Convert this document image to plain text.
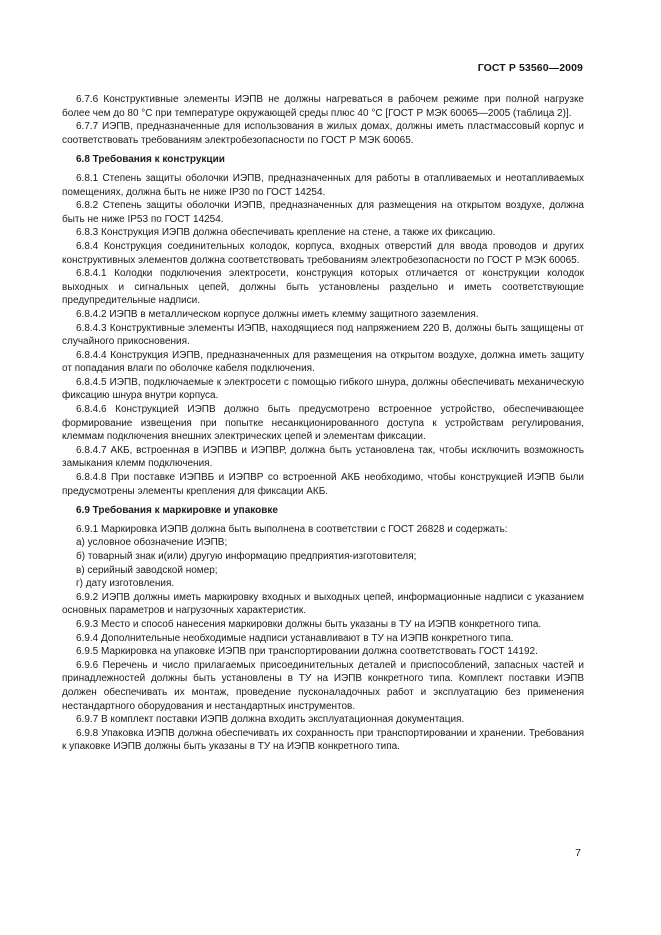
ГОСТ Р 53560—2009

6.7.6 Конструктивные элементы ИЭПВ не должны нагреваться в рабочем режиме при полной нагрузке более чем до 80 °С при температуре окружающей среды плюс 40 °С [ГОСТ Р МЭК 60065—2005 (таблица 2)].

6.7.7 ИЭПВ, предназначенные для использования в жилых домах, должны иметь пластмассовый корпус и соответствовать требованиям электробезопасности по ГОСТ Р МЭК 60065.

6.8 Требования к конструкции

6.8.1 Степень защиты оболочки ИЭПВ, предназначенных для работы в отапливаемых и неотапливаемых помещениях, должна быть не ниже IP30 по ГОСТ 14254.

6.8.2 Степень защиты оболочки ИЭПВ, предназначенных для размещения на открытом воздухе, должна быть не ниже IP53 по ГОСТ 14254.

6.8.3 Конструкция ИЭПВ должна обеспечивать крепление на стене, а также их фиксацию.

6.8.4 Конструкция соединительных колодок, корпуса, входных отверстий для ввода проводов и других конструктивных элементов должна соответствовать требованиям электробезопасности по ГОСТ Р МЭК 60065.

6.8.4.1 Колодки подключения электросети, конструкция которых отличается от конструкции колодок выходных и сигнальных цепей, должны быть установлены раздельно и иметь соответствующие предупредительные надписи.

6.8.4.2 ИЭПВ в металлическом корпусе должны иметь клемму защитного заземления.

6.8.4.3 Конструктивные элементы ИЭПВ, находящиеся под напряжением 220 В, должны быть защищены от случайного прикосновения.

6.8.4.4 Конструкция ИЭПВ, предназначенных для размещения на открытом воздухе, должна иметь защиту от попадания влаги по оболочке кабеля подключения.

6.8.4.5 ИЭПВ, подключаемые к электросети с помощью гибкого шнура, должны обеспечивать механическую фиксацию шнура внутри корпуса.

6.8.4.6 Конструкцией ИЭПВ должно быть предусмотрено встроенное устройство, обеспечивающее формирование извещения при попытке несанкционированного доступа к устройствам регулирования, клеммам подключения внешних электрических цепей и элементам фиксации.

6.8.4.7 АКБ, встроенная в ИЭПВБ и ИЭПВР, должна быть установлена так, чтобы исключить возможность замыкания клемм подключения.

6.8.4.8 При поставке ИЭПВБ и ИЭПВР со встроенной АКБ необходимо, чтобы конструкцией ИЭПВ были предусмотрены элементы крепления для фиксации АКБ.

6.9 Требования к маркировке и упаковке

6.9.1 Маркировка ИЭПВ должна быть выполнена в соответствии с ГОСТ 26828 и содержать:

а) условное обозначение ИЭПВ;

б) товарный знак и(или) другую информацию предприятия-изготовителя;

в) серийный заводской номер;

г) дату изготовления.

6.9.2 ИЭПВ должны иметь маркировку входных и выходных цепей, информационные надписи с указанием основных параметров и нагрузочных характеристик.

6.9.3 Место и способ нанесения маркировки должны быть указаны в ТУ на ИЭПВ конкретного типа.

6.9.4 Дополнительные необходимые надписи устанавливают в ТУ на ИЭПВ конкретного типа.

6.9.5 Маркировка на упаковке ИЭПВ при транспортировании должна соответствовать ГОСТ 14192.

6.9.6 Перечень и число прилагаемых присоединительных деталей и приспособлений, запасных частей и принадлежностей должны быть установлены в ТУ на ИЭПВ конкретного типа. Комплект поставки ИЭПВ должен обеспечивать их монтаж, проведение пусконаладочных работ и эксплуатацию без применения нестандартного оборудования и нестандартных инструментов.

6.9.7 В комплект поставки ИЭПВ должна входить эксплуатационная документация.

6.9.8 Упаковка ИЭПВ должна обеспечивать их сохранность при транспортировании и хранении. Требования к упаковке ИЭПВ должны быть указаны в ТУ на ИЭПВ конкретного типа.

7
